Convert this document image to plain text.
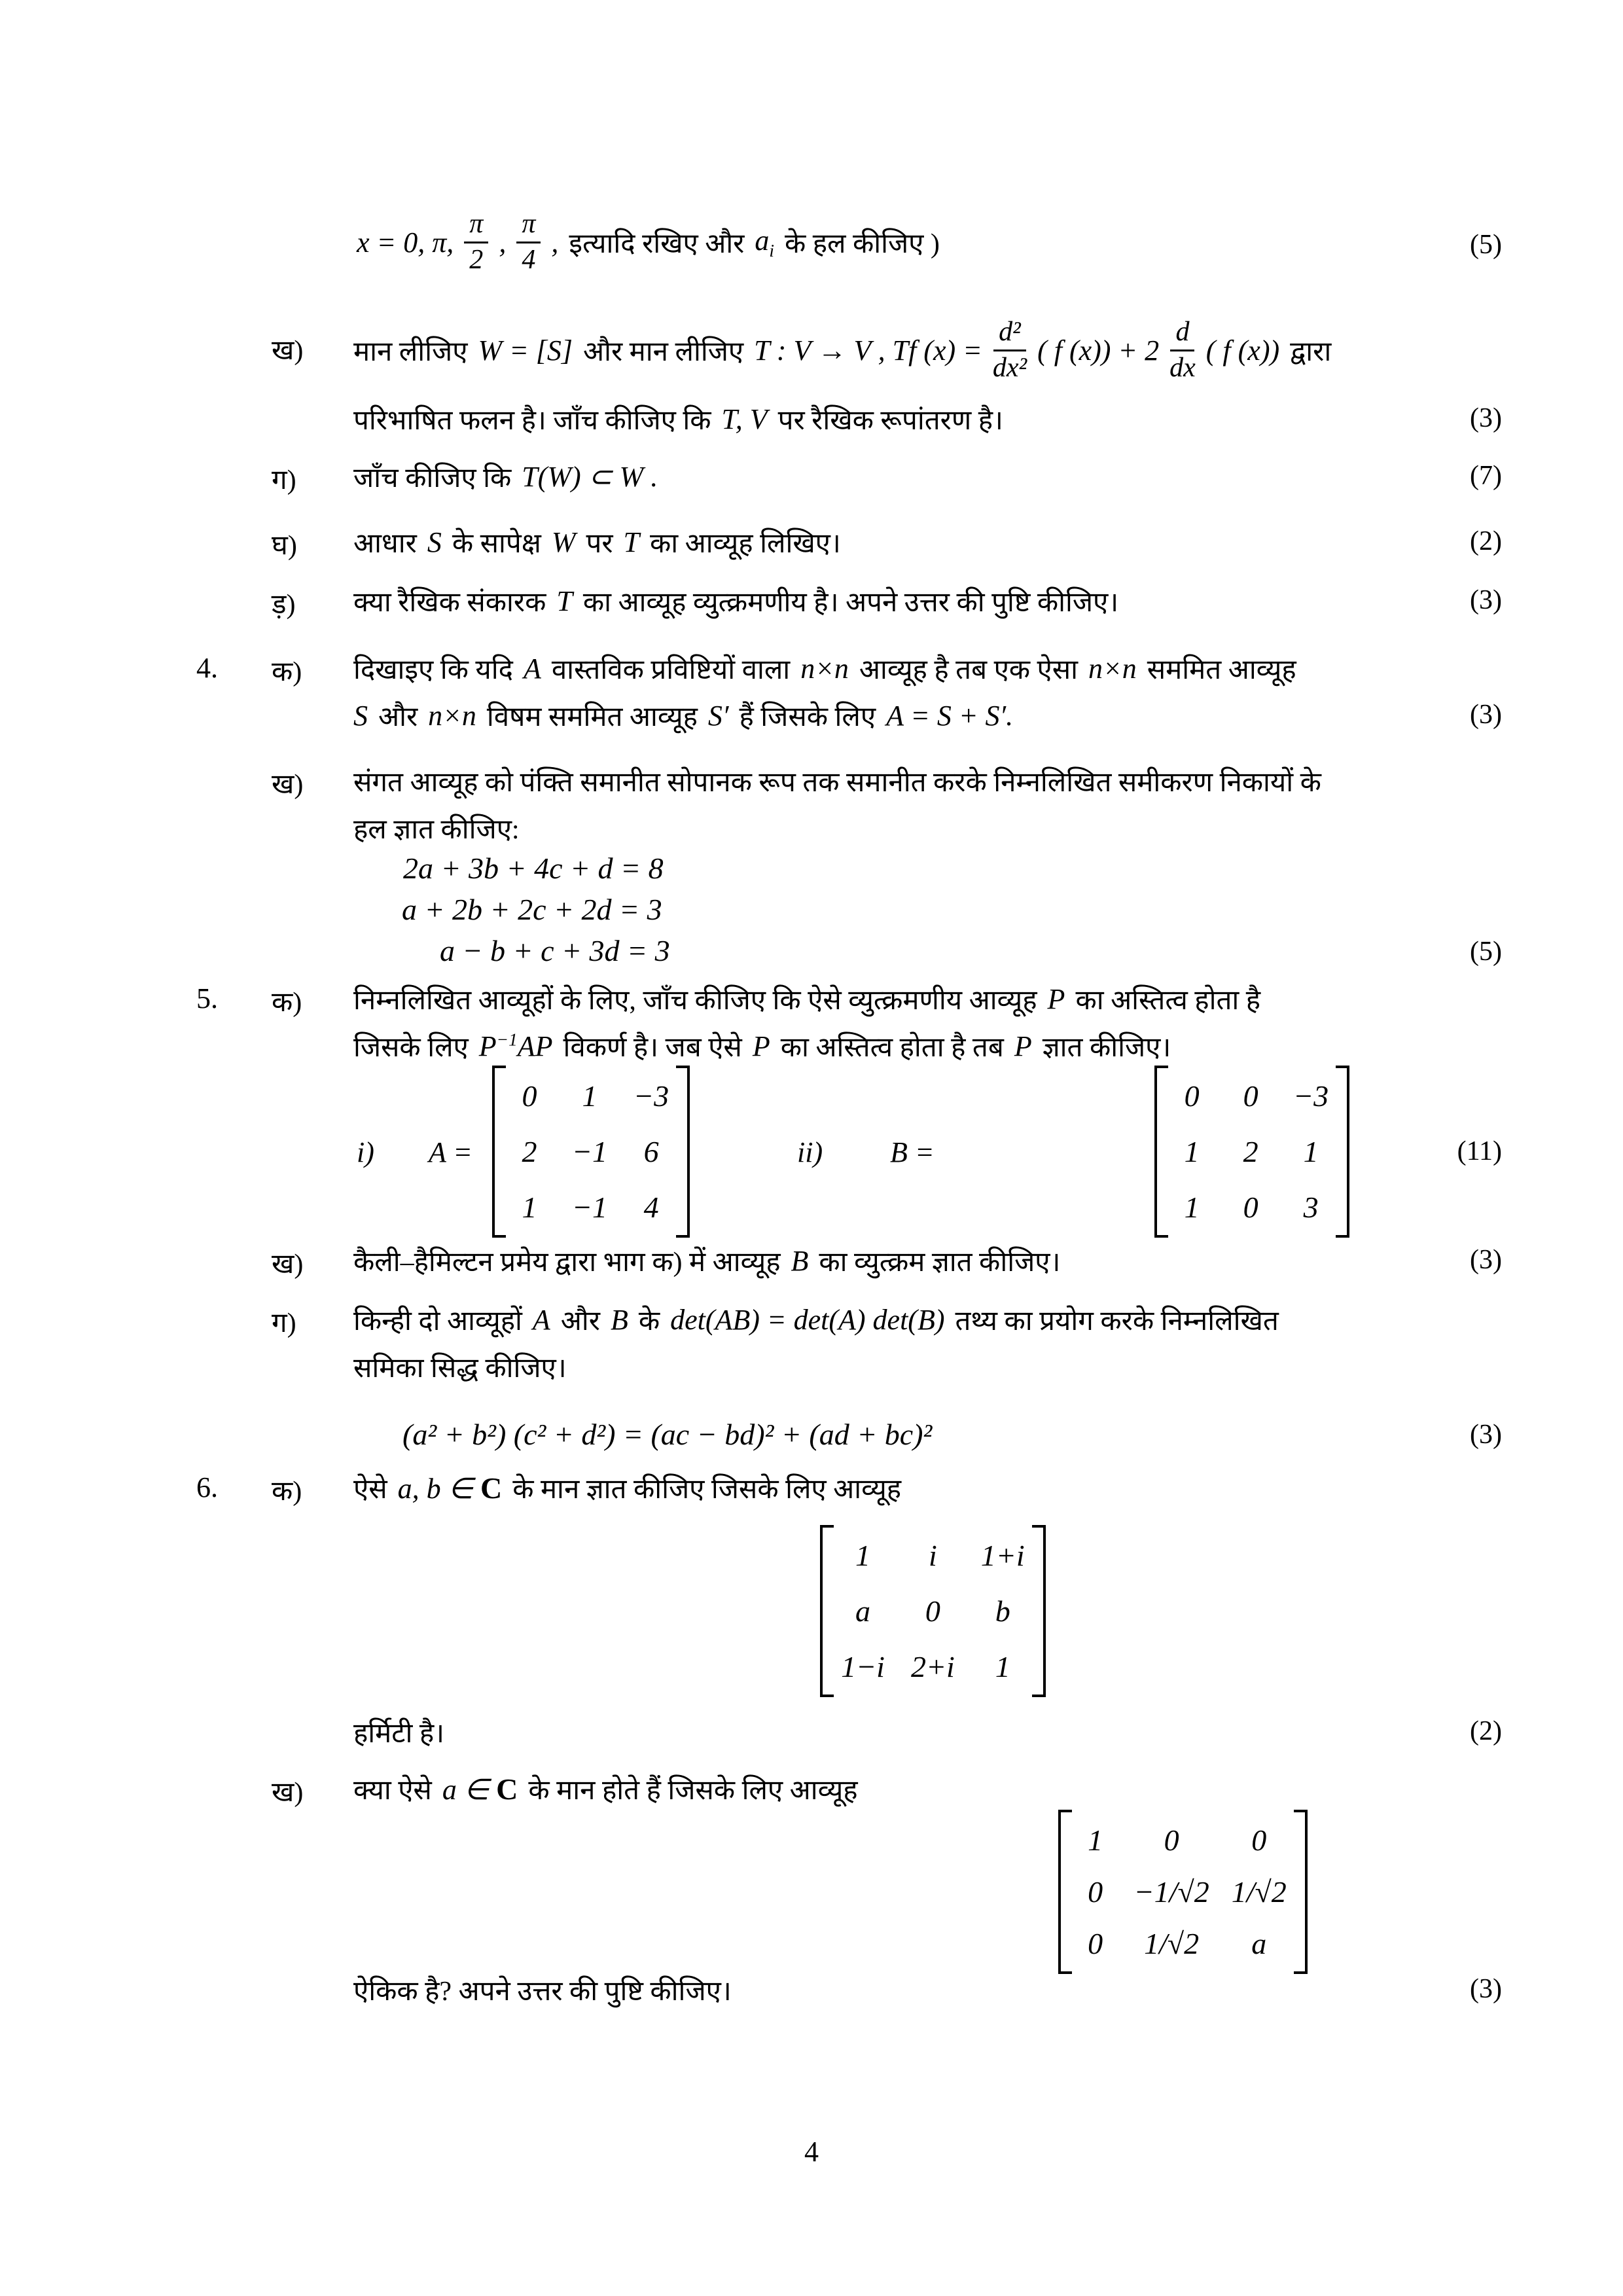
x = 0, π, $\frac{\pi}{2}$ , $\frac{\pi}{4}$ , इत्यादि रखिए और $a_i$ के हल कीजिए )	(5)
ख) मान लीजिए W = [S] और मान लीजिए T : V → V , Tf $(x) = \frac{\text{d²}}{\text{dx²}}$ ( f $(x)) + 2 \frac{d}{dx}$ ( f (x)) द्वारा
परिभाषित फलन है। जाँच कीजिए कि T, V पर रैखिक रूपांतरण है।	(3)
ग) जाँच कीजिए कि T(W) ⊂ W .	(7)
घ) आधार S के सापेक्ष W पर T का आव्यूह लिखिए।	(2)
ड़) क्या रैखिक संकारक T का आव्यूह व्युत्क्रमणीय है। अपने उत्तर की पुष्टि कीजिए।	(3)
4. क) दिखाइए कि यदि A वास्तविक प्रविष्टियों वाला n×n आव्यूह है तब एक ऐसा n×n सममित आव्यूह
S और n×n विषम सममित आव्यूह S′ हैं जिसके लिए A = S + S′.	(3)
ख) संगत आव्यूह को पंक्ति समानीत सोपानक रूप तक समानीत करके निम्नलिखित समीकरण निकायों के
हल ज्ञात कीजिए:
2a + 3b + 4c + d = 8
a + 2b + 2c + 2d = 3
a − b + c + 3d = 3	(5)
5. क) निम्नलिखित आव्यूहों के लिए, जाँच कीजिए कि ऐसे व्युत्क्रमणीय आव्यूह P का अस्तित्व होता है
जिसके लिए $P^{-1}AP$ विकर्ण है। जब ऐसे P का अस्तित्व होता है तब P ज्ञात कीजिए।
i) A =
0	1	−3
2 −1	6
1 −1	4

ii) B =
0 0 −3
1 2	1
1 0	3

(11)
ख) कैली–हैमिल्टन प्रमेय द्वारा भाग क) में आव्यूह B का व्युत्क्रम ज्ञात कीजिए।	(3)
ग) किन्ही दो आव्यूहों A और B के det(AB) = det(A) det(B) तथ्य का प्रयोग करके निम्नलिखित
समिका सिद्ध कीजिए।
(a² + b²) (c² + d²) = (ac − bd)² + (ad + bc)²	(3)
6. क) ऐसे a, b ∈ C के मान ज्ञात कीजिए जिसके लिए आव्यूह
1	i	1+i
a	0	b
1−i 2+i	1

हर्मिटी है।	(2)
ख) क्या ऐसे a ∈ C के मान होते हैं जिसके लिए आव्यूह
1	0	0
0 −1/√2 1/√2
0	1/√2	a
ऐकिक है? अपने उत्तर की पुष्टि कीजिए।	(3)
4
